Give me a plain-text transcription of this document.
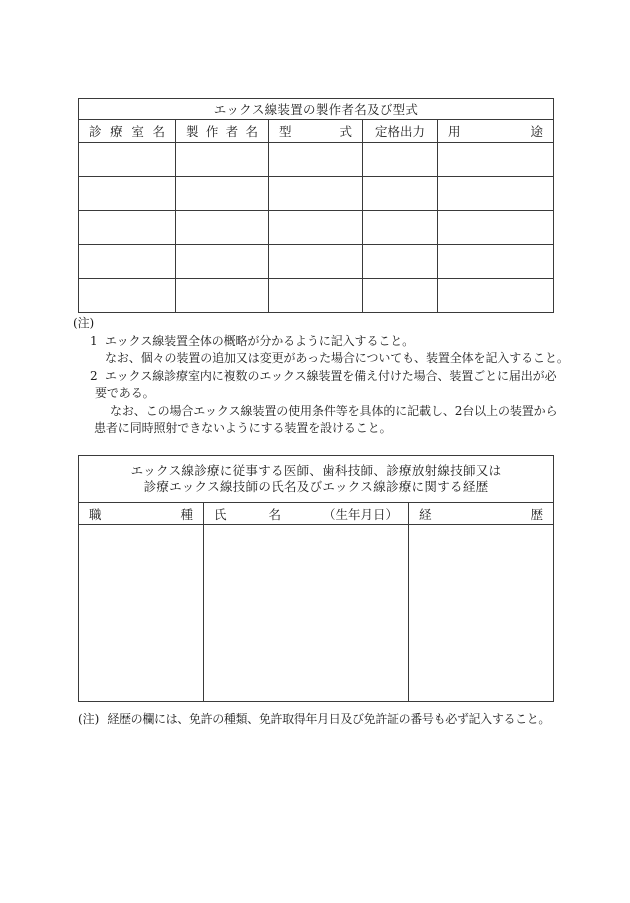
エックス線装置の製作者名及び型式				

診 療 室 名	製 作 者 名	型 式	定格出力	用 途

(注)
1 エックス線装置全体の概略が分かるように記入すること。
なお、個々の装置の追加又は変更があった場合についても、装置全体を記入すること。
2 エックス線診療室内に複数のエックス線装置を備え付けた場合、装置ごとに届出が必
要である。
なお、この場合エックス線装置の使用条件等を具体的に記載し、2台以上の装置から
患者に同時照射できないようにする装置を設けること。
エックス線診療に従事する医師、歯科技師、診療放射線技師又は
診療エックス線技師の氏名及びエックス線診療に関する経歴		

職 種	氏 名 （生年月日）	経 歴

(注) 経歴の欄には、免許の種類、免許取得年月日及び免許証の番号も必ず記入すること。
